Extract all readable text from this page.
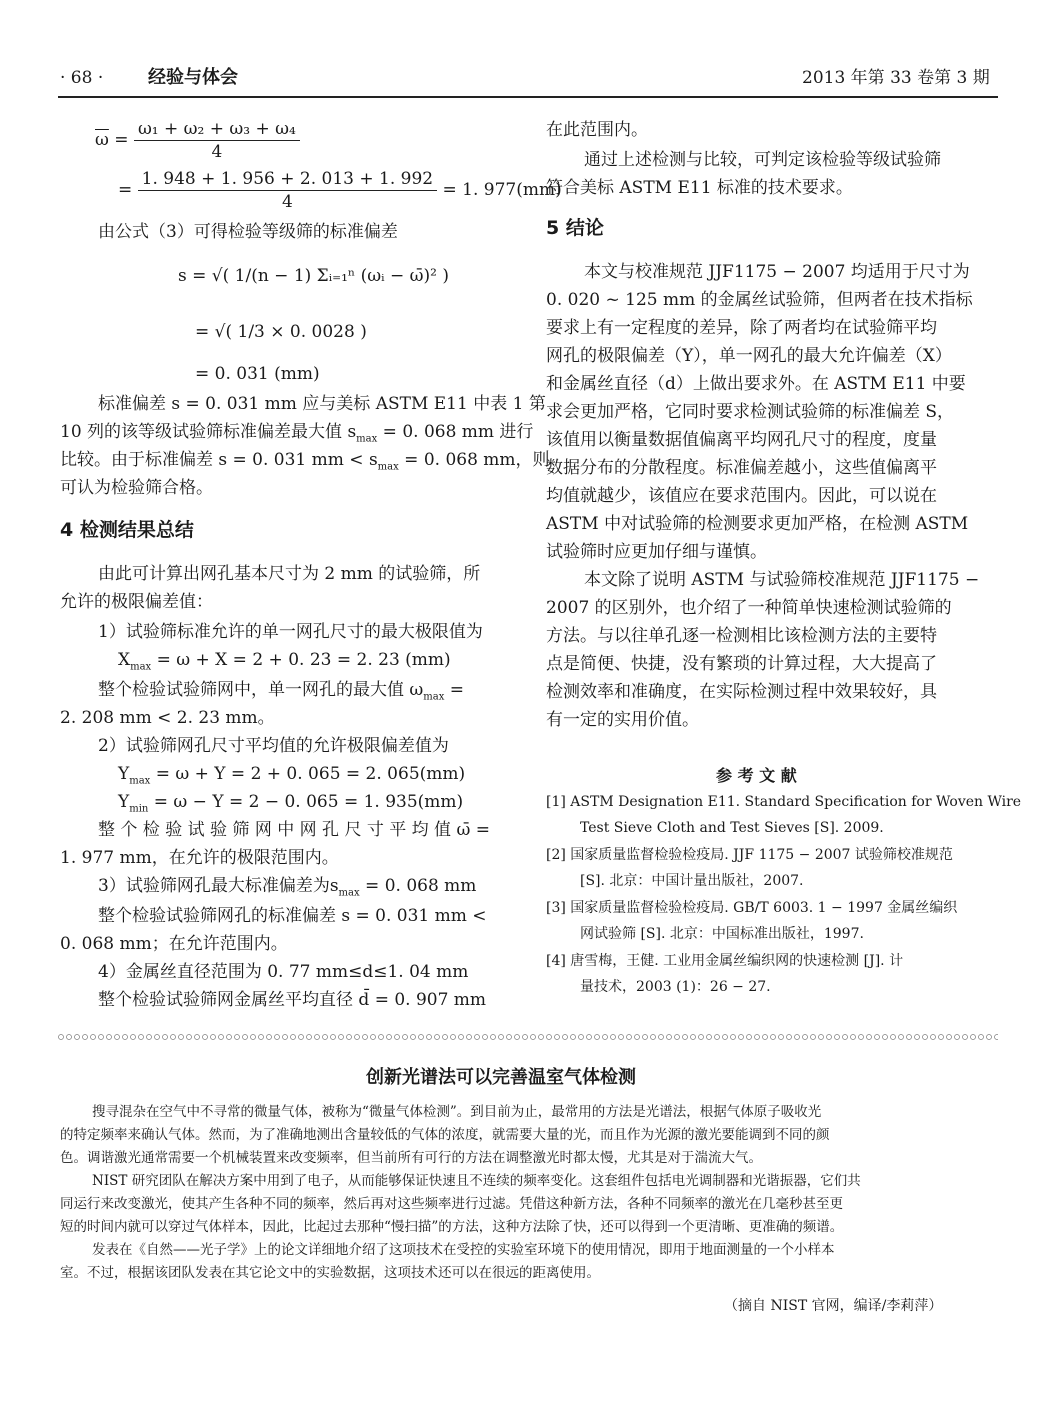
· 68 · 经验与体会	2013 年第 33 卷第 3 期
$\overline{\omega} = \frac{\text{ω₁ + ω₂ + ω₃ + ω₄}}{4}$
= $\frac{1. 948 + 1. 956 + 2. 013 + 1. 992}{4} = 1$. 977(mm)
由公式（3）可得检验等级筛的标准偏差
s = √( 1/(n − 1) Σᵢ₌₁ⁿ (ωᵢ − ω̄)² )
= √( 1/3 × 0. 0028 )
= 0. 031 (mm)
标准偏差 s = 0. 031 mm 应与美标 ASTM E11 中表 1 第
10 列的该等级试验筛标准偏差最大值 $s_{max} = 0$. 068 mm 进行
比较。由于标准偏差 s = 0. 031 mm < $s_{max} = 0$. 068 mm，则
可认为检验筛合格。
4 检测结果总结
由此可计算出网孔基本尺寸为 2 mm 的试验筛，所
允许的极限偏差值：
1）试验筛标准允许的单一网孔尺寸的最大极限值为
$X_{max} = \omega + X = 2 + 0$. 23 = 2. 23 (mm)
整个检验试验筛网中，单一网孔的最大值 $\omega_{max}$ =
2. 208 mm < 2. 23 mm。
2）试验筛网孔尺寸平均值的允许极限偏差值为
$Y_{max} = \omega + Y = 2 + 0$. 065 = 2. 065(mm)
$Y_{min} = \omega - Y = 2 - 0$. 065 = 1. 935(mm)
整 个 检 验 试 验 筛 网 中 网 孔 尺 寸 平 均 值 ω̄ =
1. 977 mm，在允许的极限范围内。
3）试验筛网孔最大标准偏差为$s_{max} = 0$. 068 mm
整个检验试验筛网孔的标准偏差 s = 0. 031 mm <
0. 068 mm；在允许范围内。
4）金属丝直径范围为 0. 77 mm≤d≤1. 04 mm
整个检验试验筛网金属丝平均直径 d̄ = 0. 907 mm
在此范围内。
通过上述检测与比较，可判定该检验等级试验筛
符合美标 ASTM E11 标准的技术要求。
5 结论
本文与校准规范 JJF1175 − 2007 均适用于尺寸为
0. 020 ~ 125 mm 的金属丝试验筛，但两者在技术指标
要求上有一定程度的差异，除了两者均在试验筛平均
网孔的极限偏差（Y），单一网孔的最大允许偏差（X）
和金属丝直径（d）上做出要求外。在 ASTM E11 中要
求会更加严格，它同时要求检测试验筛的标准偏差 S，
该值用以衡量数据值偏离平均网孔尺寸的程度，度量
数据分布的分散程度。标准偏差越小，这些值偏离平
均值就越少，该值应在要求范围内。因此，可以说在
ASTM 中对试验筛的检测要求更加严格，在检测 ASTM
试验筛时应更加仔细与谨慎。
本文除了说明 ASTM 与试验筛校准规范 JJF1175 −
2007 的区别外，也介绍了一种简单快速检测试验筛的
方法。与以往单孔逐一检测相比该检测方法的主要特
点是简便、快捷，没有繁琐的计算过程，大大提高了
检测效率和准确度，在实际检测过程中效果较好，具
有一定的实用价值。
参 考 文 献
[1] ASTM Designation E11. Standard Specification for Woven Wire
Test Sieve Cloth and Test Sieves [S]. 2009.
[2] 国家质量监督检验检疫局. JJF 1175 − 2007 试验筛校准规范
[S]. 北京：中国计量出版社，2007.
[3] 国家质量监督检验检疫局. GB/T 6003. 1 − 1997 金属丝编织
网试验筛 [S]. 北京：中国标准出版社，1997.
[4] 唐雪梅，王健. 工业用金属丝编织网的快速检测 [J]. 计
量技术，2003 (1)：26 − 27.
创新光谱法可以完善温室气体检测
搜寻混杂在空气中不寻常的微量气体，被称为“微量气体检测”。到目前为止，最常用的方法是光谱法，根据气体原子吸收光
的特定频率来确认气体。然而，为了准确地测出含量较低的气体的浓度，就需要大量的光，而且作为光源的激光要能调到不同的颜
色。调谐激光通常需要一个机械装置来改变频率，但当前所有可行的方法在调整激光时都太慢，尤其是对于湍流大气。
NIST 研究团队在解决方案中用到了电子，从而能够保证快速且不连续的频率变化。这套组件包括电光调制器和光谐振器，它们共
同运行来改变激光，使其产生各种不同的频率，然后再对这些频率进行过滤。凭借这种新方法，各种不同频率的激光在几毫秒甚至更
短的时间内就可以穿过气体样本，因此，比起过去那种“慢扫描”的方法，这种方法除了快，还可以得到一个更清晰、更准确的频谱。
发表在《自然——光子学》上的论文详细地介绍了这项技术在受控的实验室环境下的使用情况，即用于地面测量的一个小样本
室。不过，根据该团队发表在其它论文中的实验数据，这项技术还可以在很远的距离使用。
（摘自 NIST 官网，编译/李莉萍）
